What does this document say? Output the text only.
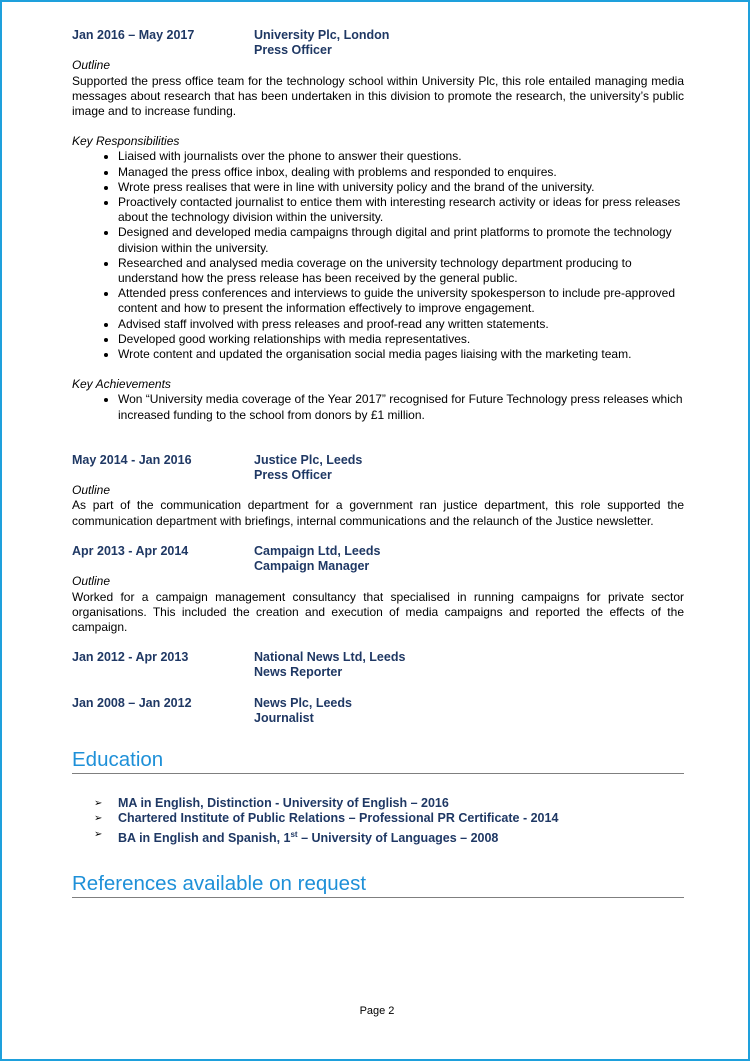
Jan 2016 – May 2017	University Plc, London
Press Officer
Outline

Supported the press office team for the technology school within University Plc, this role entailed managing media messages about research that has been undertaken in this division to promote the research, the university’s public image and to increase funding.

Key Responsibilities
• Liaised with journalists over the phone to answer their questions.
• Managed the press office inbox, dealing with problems and responded to enquires.
• Wrote press realises that were in line with university policy and the brand of the university.
• Proactively contacted journalist to entice them with interesting research activity or ideas for press releases about the technology division within the university.
• Designed and developed media campaigns through digital and print platforms to promote the technology division within the university.
• Researched and analysed media coverage on the university technology department producing to understand how the press release has been received by the general public.
• Attended press conferences and interviews to guide the university spokesperson to include pre-approved content and how to present the information effectively to improve engagement.
• Advised staff involved with press releases and proof-read any written statements.
• Developed good working relationships with media representatives.
• Wrote content and updated the organisation social media pages liaising with the marketing team.
Key Achievements
• Won “University media coverage of the Year 2017” recognised for Future Technology press releases which increased funding to the school from donors by £1 million.
May 2014 - Jan 2016	Justice Plc, Leeds
Press Officer
Outline

As part of the communication department for a government ran justice department, this role supported the communication department with briefings, internal communications and the relaunch of the Justice newsletter.

Apr 2013 - Apr 2014	Campaign Ltd, Leeds
Campaign Manager
Outline

Worked for a campaign management consultancy that specialised in running campaigns for private sector organisations. This included the creation and execution of media campaigns and reported the effects of the campaign.

Jan 2012 - Apr 2013	National News Ltd, Leeds
News Reporter
Jan 2008 – Jan 2012	News Plc, Leeds
Journalist
Education
➢	MA in English, Distinction - University of English – 2016
➢	Chartered Institute of Public Relations – Professional PR Certificate - 2014
➢	BA in English and Spanish, 1st – University of Languages – 2008
References available on request
Page 2
